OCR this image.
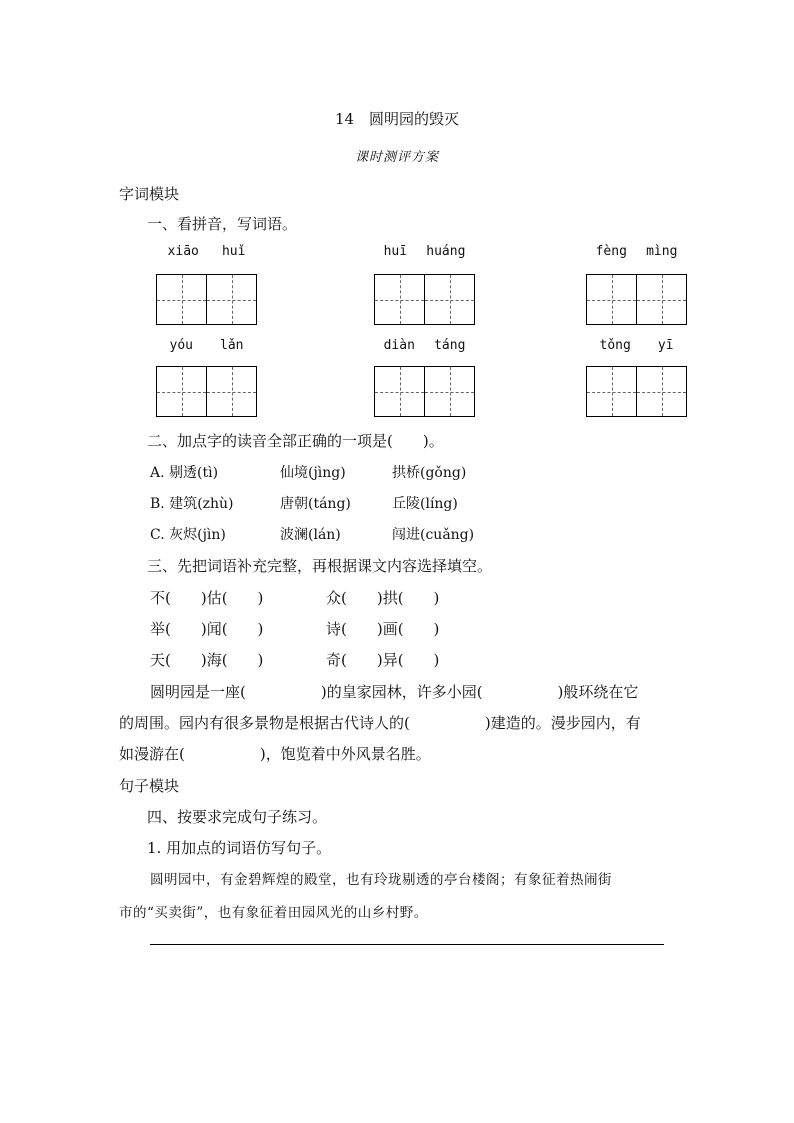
14　圆明园的毁灭
课时测评方案
字词模块
一、看拼音，写词语。
xiāo huǐ	huī huáng	fèng mìng
yóu lǎn	diàn táng	tǒng yī
二、加点字的读音全部正确的一项是(　　)。
A. 剔透(tì)	仙境(jìng)	拱桥(gǒng)
B. 建筑(zhù)	唐朝(táng)	丘陵(líng)
C. 灰烬(jìn)	波澜(lán)	闯进(cuǎng)
三、先把词语补充完整，再根据课文内容选择填空。
不(　　)估(　　)	众(　　)拱(　　)
举(　　)闻(　　)	诗(　　)画(　　)
天(　　)海(　　)	奇(　　)异(　　)
圆明园是一座(　　　　　)的皇家园林，许多小园(　　　　　)般环绕在它
的周围。园内有很多景物是根据古代诗人的(　　　　　)建造的。漫步园内，有
如漫游在(　　　　　)，饱览着中外风景名胜。
句子模块
四、按要求完成句子练习。
1. 用加点的词语仿写句子。
圆明园中，有金碧辉煌的殿堂，也有玲珑剔透的亭台楼阁；有象征着热闹街
市的“买卖街”，也有象征着田园风光的山乡村野。
